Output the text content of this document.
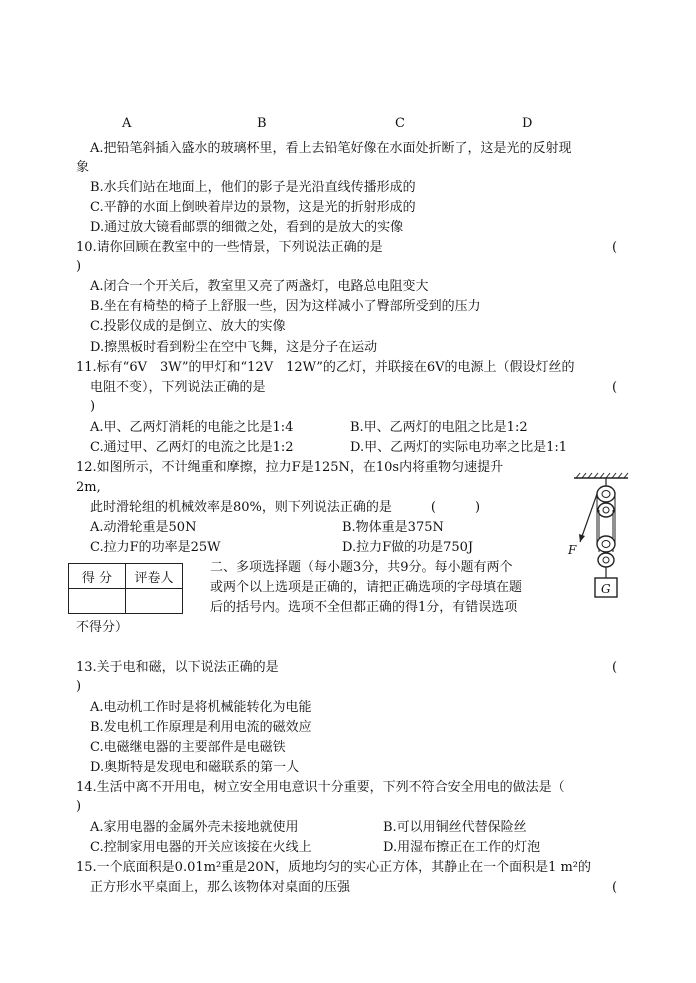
A	B	C	D
A.把铅笔斜插入盛水的玻璃杯里，看上去铅笔好像在水面处折断了，这是光的反射现
象
B.水兵们站在地面上，他们的影子是光沿直线传播形成的
C.平静的水面上倒映着岸边的景物，这是光的折射形成的
D.通过放大镜看邮票的细微之处，看到的是放大的实像
10.请你回顾在教室中的一些情景，下列说法正确的是	(
)
A.闭合一个开关后，教室里又亮了两盏灯，电路总电阻变大
B.坐在有椅垫的椅子上舒服一些，因为这样减小了臀部所受到的压力
C.投影仪成的是倒立、放大的实像
D.擦黑板时看到粉尘在空中飞舞，这是分子在运动
11.标有“6V　3W”的甲灯和“12V　12W”的乙灯，并联接在6V的电源上（假设灯丝的
电阻不变），下列说法正确的是	(
)
A.甲、乙两灯消耗的电能之比是1:4	B.甲、乙两灯的电阻之比是1:2
C.通过甲、乙两灯的电流之比是1:2	D.甲、乙两灯的实际电功率之比是1:1
12.如图所示，不计绳重和摩擦，拉力F是125N，在10s内将重物匀速提升
2m,
此时滑轮组的机械效率是80%，则下列说法正确的是　　　(　　　)
A.动滑轮重是50N	B.物体重是375N
C.拉力F的功率是25W	D.拉力F做的功是750J
G
F
得 分	评卷人

二、多项选择题（每小题3分，共9分。每小题有两个
或两个以上选项是正确的，请把正确选项的字母填在题
后的括号内。选项不全但都正确的得1分，有错误选项
不得分）
13.关于电和磁，以下说法正确的是	(
)
A.电动机工作时是将机械能转化为电能
B.发电机工作原理是利用电流的磁效应
C.电磁继电器的主要部件是电磁铁
D.奥斯特是发现电和磁联系的第一人
14.生活中离不开用电，树立安全用电意识十分重要，下列不符合安全用电的做法是（
)
A.家用电器的金属外壳未接地就使用	B.可以用铜丝代替保险丝
C.控制家用电器的开关应该接在火线上	D.用湿布擦正在工作的灯泡
15.一个底面积是0.01m²重是20N，质地均匀的实心正方体，其静止在一个面积是1 m²的
正方形水平桌面上，那么该物体对桌面的压强	(
